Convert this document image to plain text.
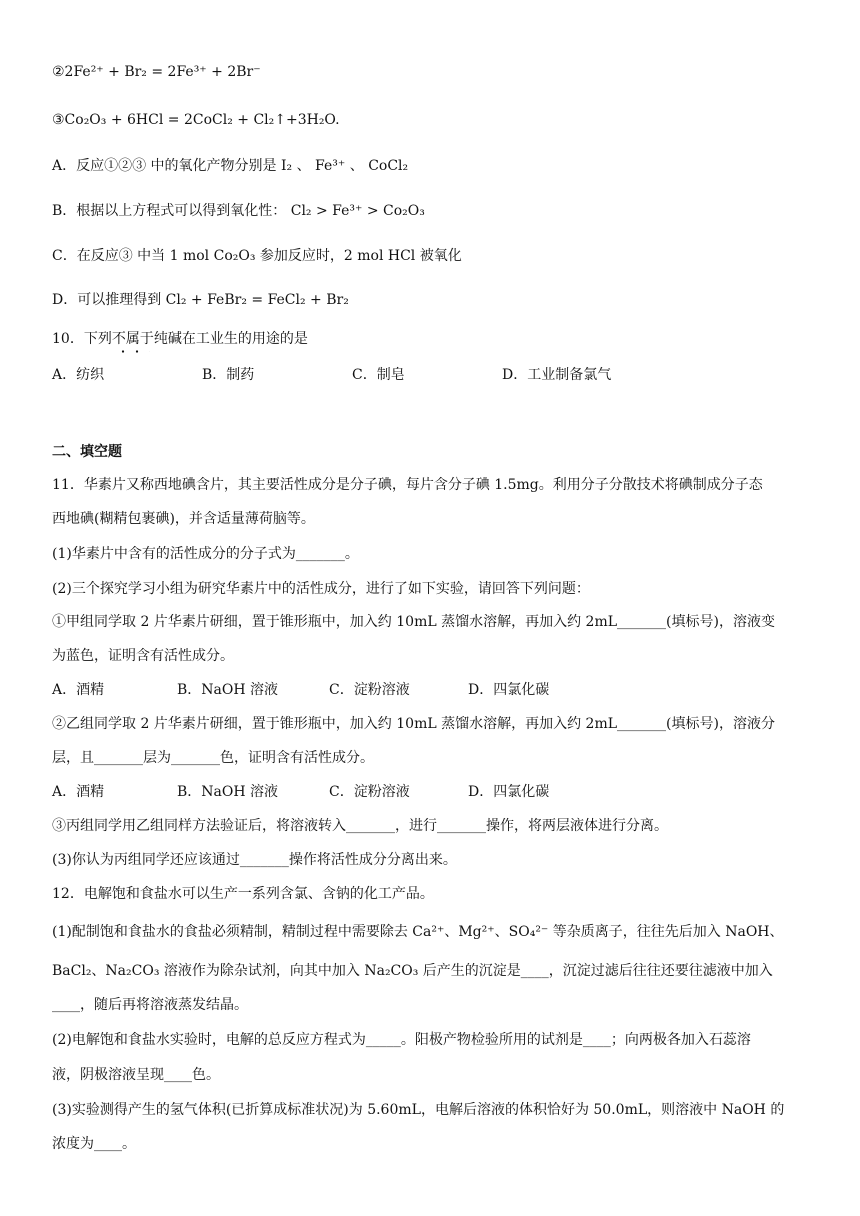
②2Fe²⁺ + Br₂ = 2Fe³⁺ + 2Br⁻
③Co₂O₃ + 6HCl = 2CoCl₂ + Cl₂↑+3H₂O.
A．反应①②③ 中的氧化产物分别是 I₂ 、 Fe³⁺ 、 CoCl₂
B．根据以上方程式可以得到氧化性： Cl₂ > Fe³⁺ > Co₂O₃
C．在反应③ 中当 1 mol Co₂O₃ 参加反应时，2 mol HCl 被氧化
D．可以推理得到 Cl₂ + FeBr₂ = FeCl₂ + Br₂
10．下列不属于纯碱在工业生的用途的是
A．纺织	B．制药	C．制皂	D．工业制备氯气
二、填空题
11．华素片又称西地碘含片，其主要活性成分是分子碘，每片含分子碘 1.5mg。利用分子分散技术将碘制成分子态
西地碘(糊精包裹碘)，并含适量薄荷脑等。
(1)华素片中含有的活性成分的分子式为_______。
(2)三个探究学习小组为研究华素片中的活性成分，进行了如下实验，请回答下列问题：
①甲组同学取 2 片华素片研细，置于锥形瓶中，加入约 10mL 蒸馏水溶解，再加入约 2mL_______(填标号)，溶液变
为蓝色，证明含有活性成分。
A．酒精	B．NaOH 溶液	C．淀粉溶液	D．四氯化碳
②乙组同学取 2 片华素片研细，置于锥形瓶中，加入约 10mL 蒸馏水溶解，再加入约 2mL_______(填标号)，溶液分
层，且_______层为_______色，证明含有活性成分。
A．酒精	B．NaOH 溶液	C．淀粉溶液	D．四氯化碳
③丙组同学用乙组同样方法验证后，将溶液转入_______，进行_______操作，将两层液体进行分离。
(3)你认为丙组同学还应该通过_______操作将活性成分分离出来。
12．电解饱和食盐水可以生产一系列含氯、含钠的化工产品。
(1)配制饱和食盐水的食盐必须精制，精制过程中需要除去 Ca²⁺、Mg²⁺、SO₄²⁻ 等杂质离子，往往先后加入 NaOH、
BaCl₂、Na₂CO₃ 溶液作为除杂试剂，向其中加入 Na₂CO₃ 后产生的沉淀是____，沉淀过滤后往往还要往滤液中加入
____，随后再将溶液蒸发结晶。
(2)电解饱和食盐水实验时，电解的总反应方程式为_____。阳极产物检验所用的试剂是____；向两极各加入石蕊溶
液，阴极溶液呈现____色。
(3)实验测得产生的氢气体积(已折算成标准状况)为 5.60mL，电解后溶液的体积恰好为 50.0mL，则溶液中 NaOH 的
浓度为____。
